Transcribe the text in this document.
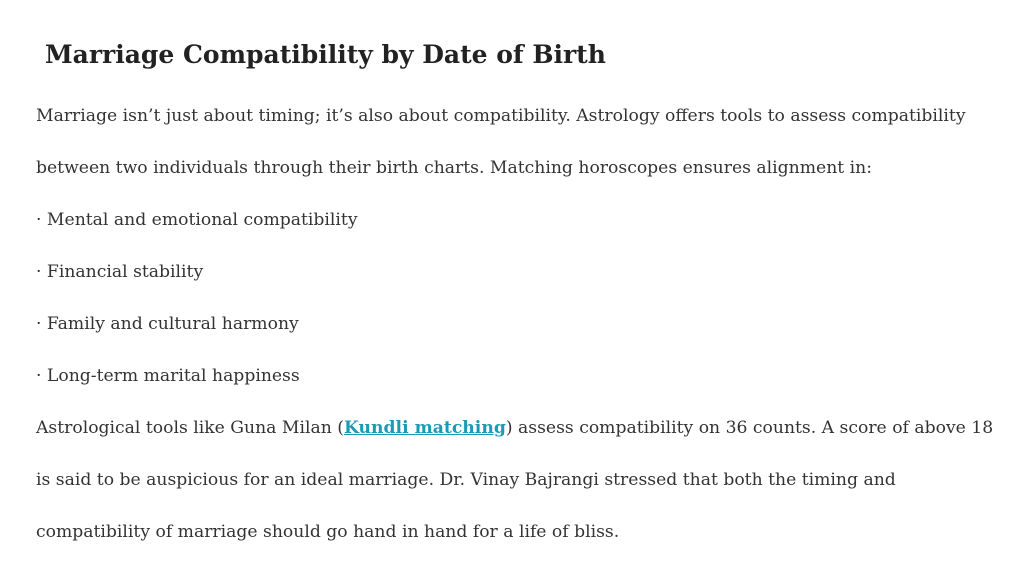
Marriage Compatibility by Date of Birth

Marriage isn’t just about timing; it’s also about compatibility. Astrology offers tools to assess compatibility

between two individuals through their birth charts. Matching horoscopes ensures alignment in:

· Mental and emotional compatibility

· Financial stability

· Family and cultural harmony

· Long-term marital happiness

Astrological tools like Guna Milan (Kundli matching) assess compatibility on 36 counts. A score of above 18

is said to be auspicious for an ideal marriage. Dr. Vinay Bajrangi stressed that both the timing and

compatibility of marriage should go hand in hand for a life of bliss.
